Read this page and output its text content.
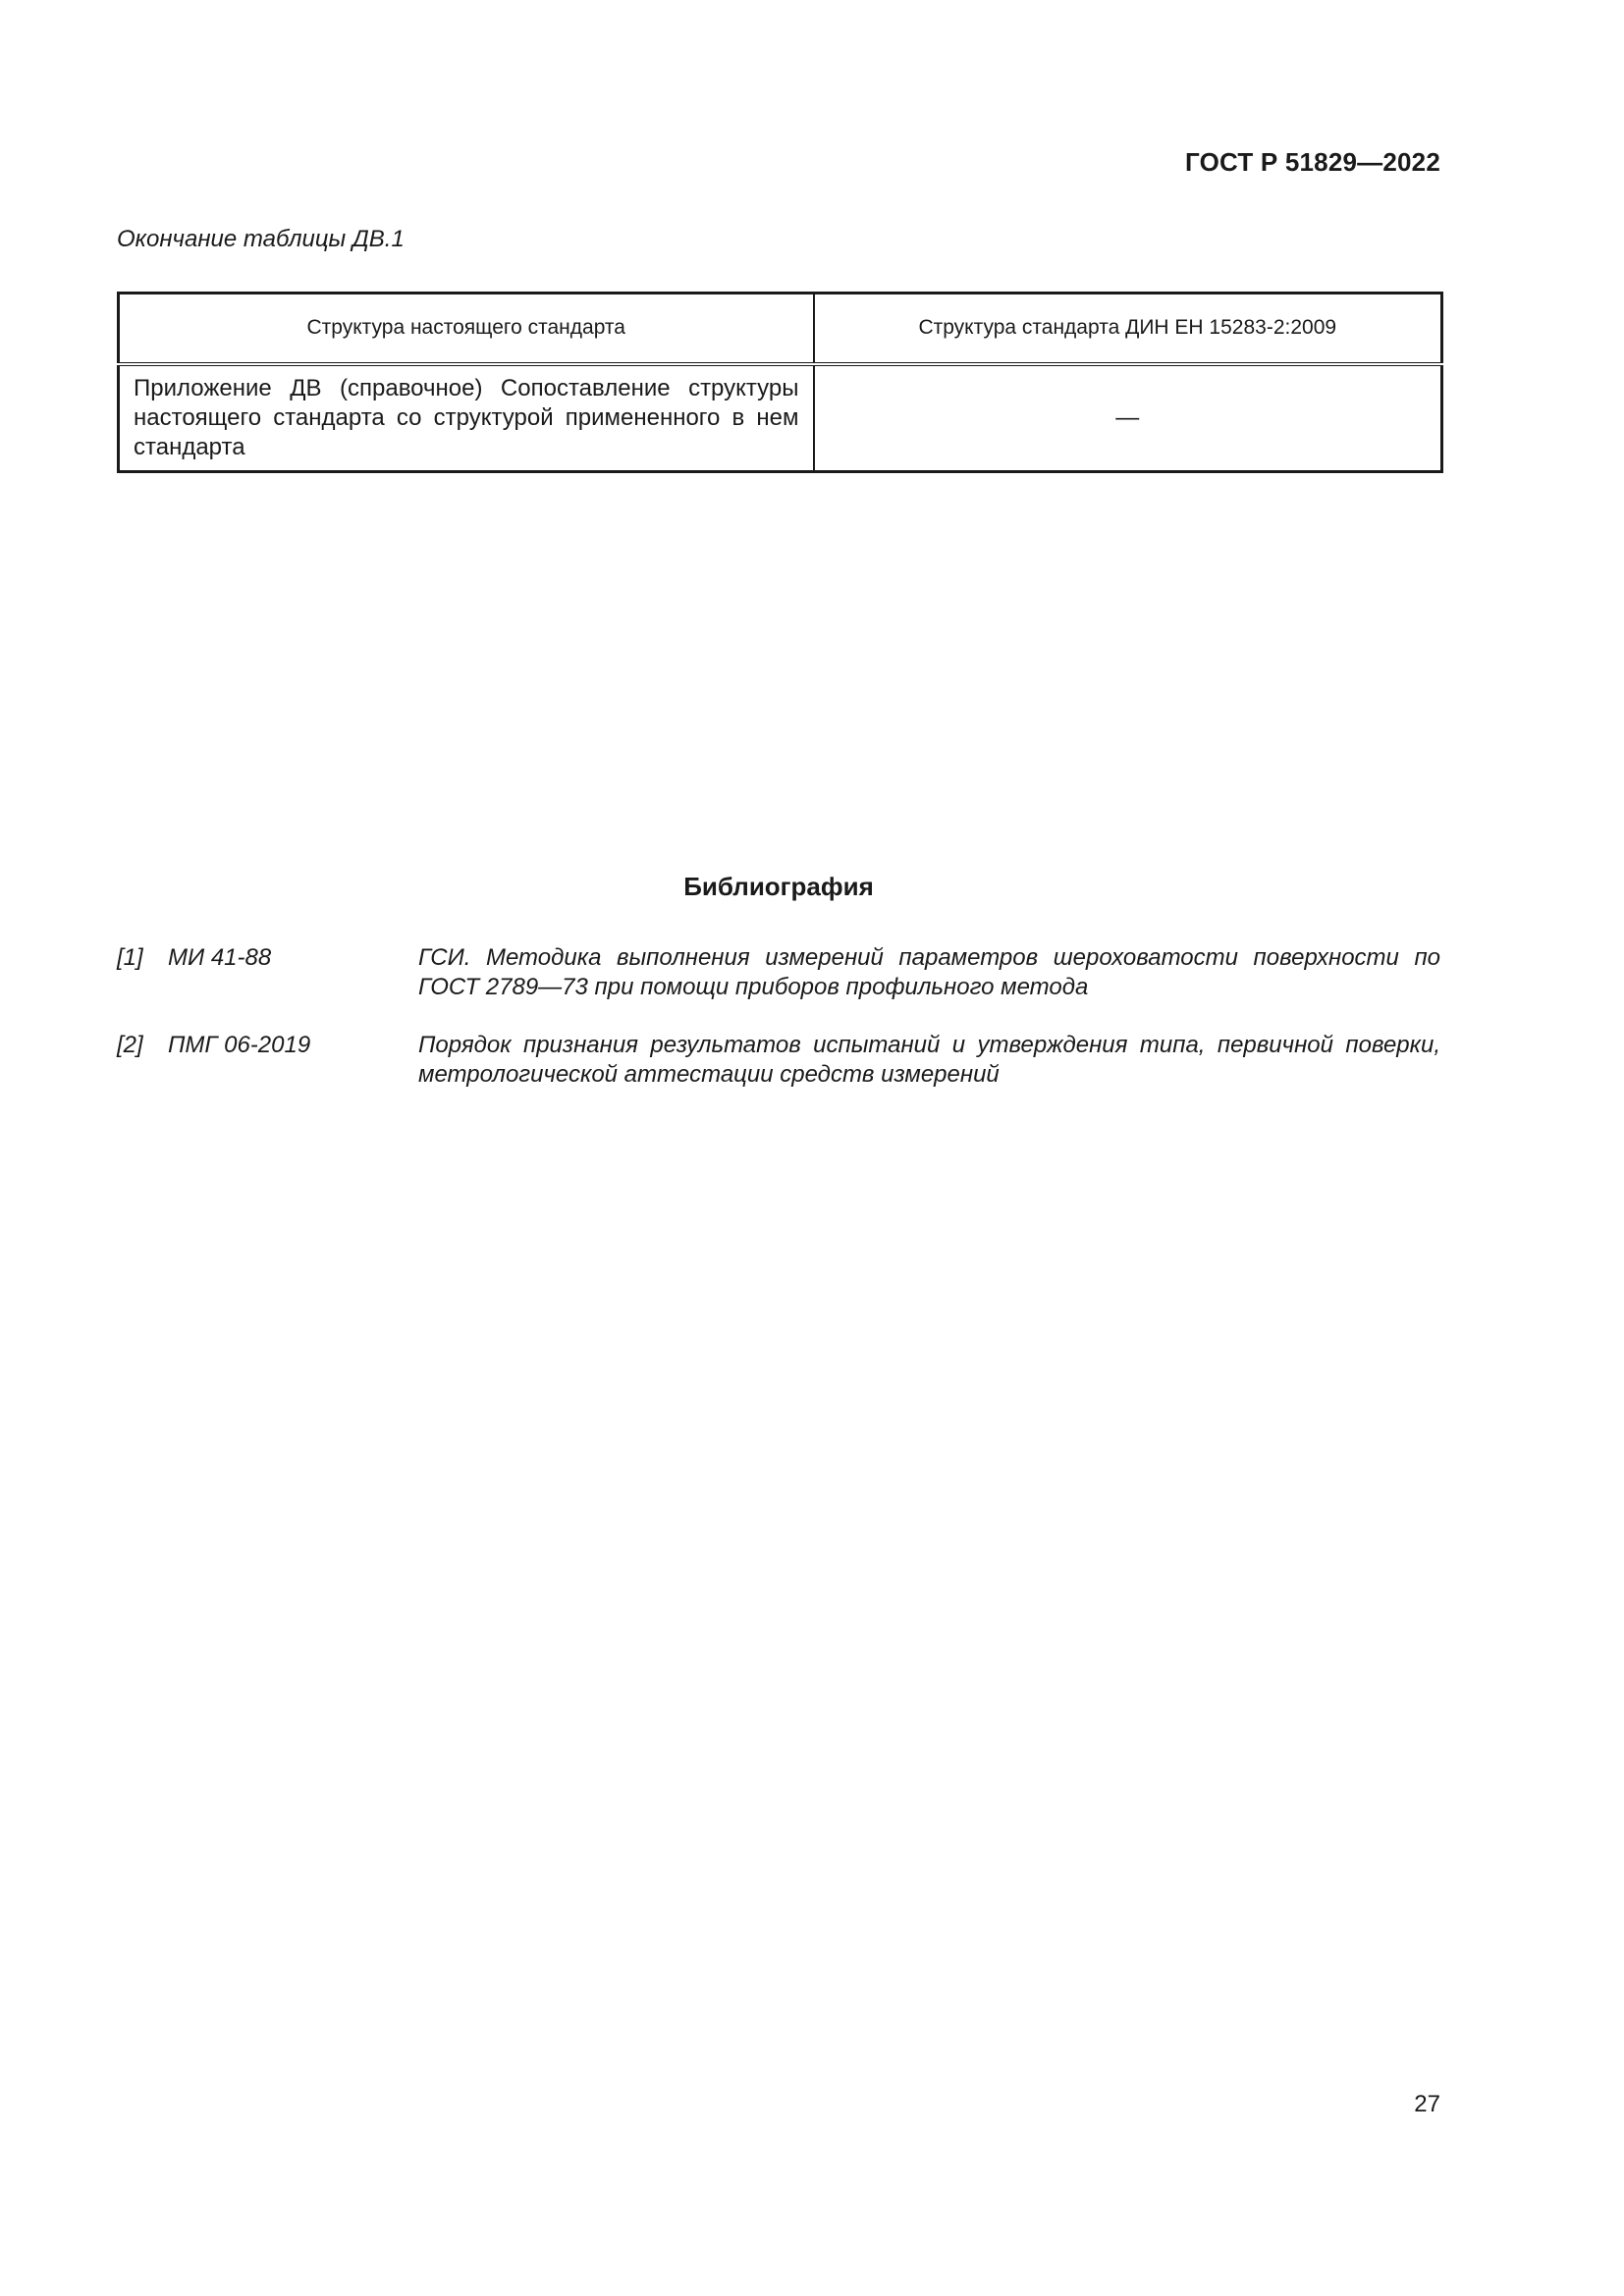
ГОСТ Р 51829—2022
Окончание таблицы ДВ.1
Структура настоящего стандарта	Структура стандарта ДИН ЕН 15283-2:2009
Приложение ДВ (справочное) Сопоставление структуры настоящего стандарта со структурой примененного в нем стандарта	—
Библиография
[1] МИ 41-88	ГСИ. Методика выполнения измерений параметров шероховатости поверхности по ГОСТ 2789—73 при помощи приборов профильного метода
[2] ПМГ 06-2019	Порядок признания результатов испытаний и утверждения типа, первичной поверки, метрологической аттестации средств измерений
27
